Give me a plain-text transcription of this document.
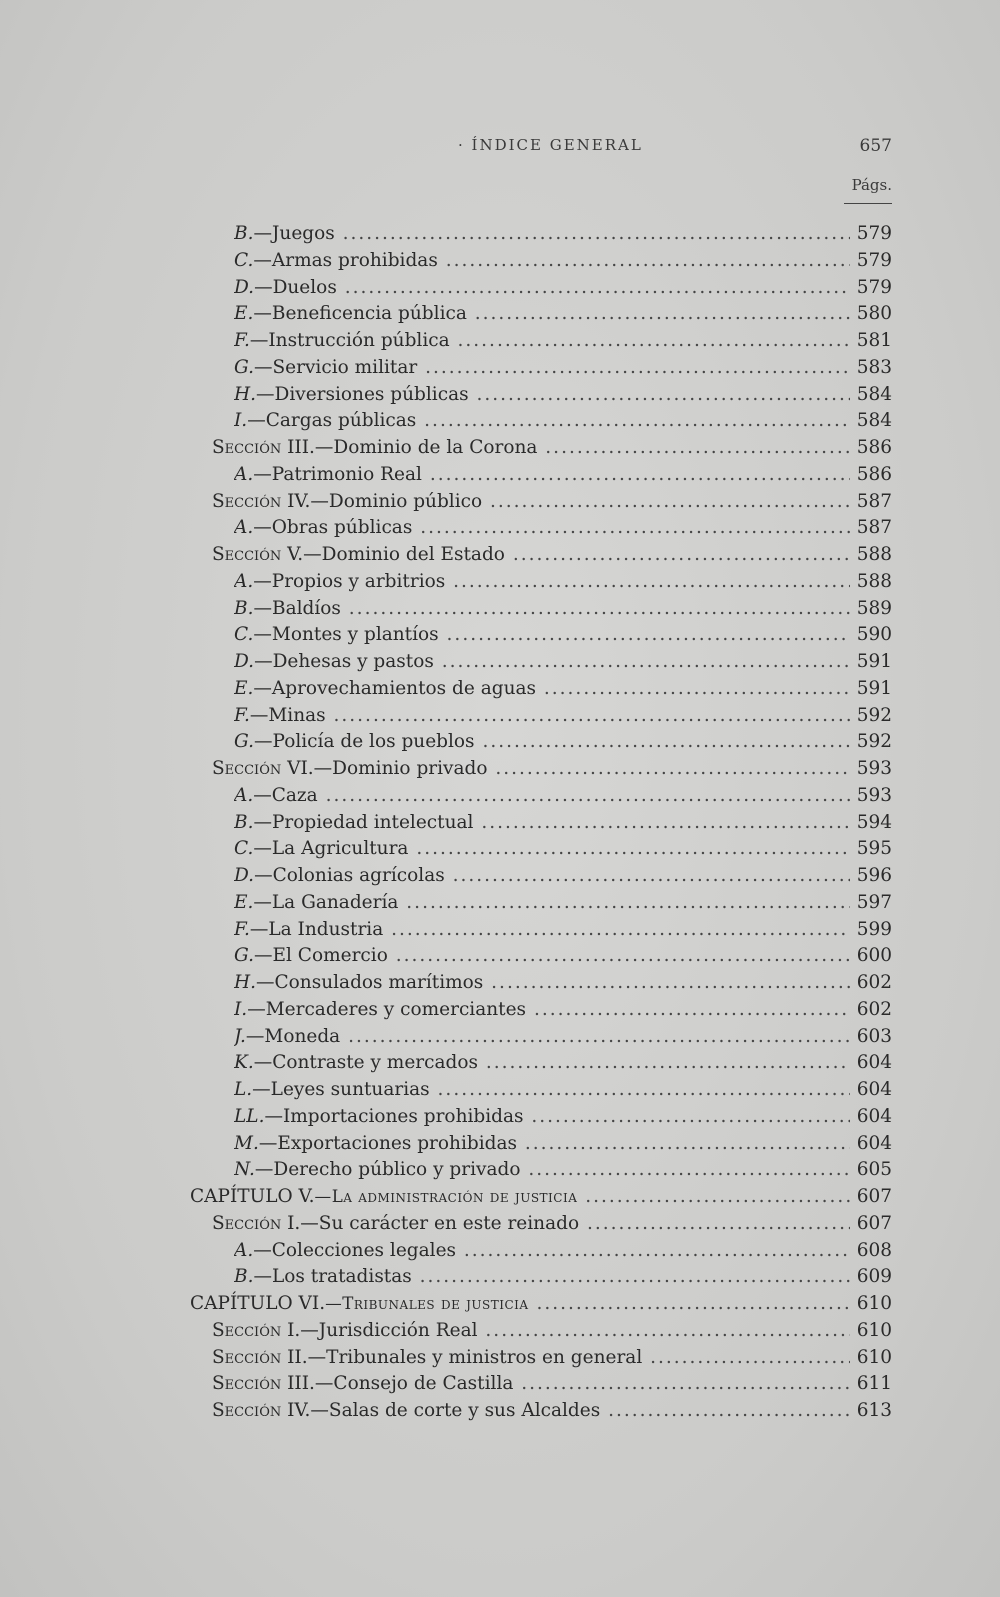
· ÍNDICE GENERAL	657
Págs.
B.—Juegos .....	579
C.—Armas prohibidas .....	579
D.—Duelos .....	579
E.—Beneficencia pública .....	580
F.—Instrucción pública .....	581
G.—Servicio militar .....	583
H.—Diversiones públicas .....	584
I.—Cargas públicas .....	584
Sección III.—Dominio de la Corona .....	586
A.—Patrimonio Real .....	586
Sección IV.—Dominio público .....	587
A.—Obras públicas .....	587
Sección V.—Dominio del Estado .....	588
A.—Propios y arbitrios .....	588
B.—Baldíos .....	589
C.—Montes y plantíos .....	590
D.—Dehesas y pastos .....	591
E.—Aprovechamientos de aguas .....	591
F.—Minas .....	592
G.—Policía de los pueblos .....	592
Sección VI.—Dominio privado .....	593
A.—Caza .....	593
B.—Propiedad intelectual .....	594
C.—La Agricultura .....	595
D.—Colonias agrícolas .....	596
E.—La Ganadería .....	597
F.—La Industria .....	599
G.—El Comercio .....	600
H.—Consulados marítimos .....	602
I.—Mercaderes y comerciantes .....	602
J.—Moneda .....	603
K.—Contraste y mercados .....	604
L.—Leyes suntuarias .....	604
LL.—Importaciones prohibidas .....	604
M.—Exportaciones prohibidas .....	604
N.—Derecho público y privado .....	605
CAPÍTULO V.—La administración de justicia .....	607
Sección I.—Su carácter en este reinado .....	607
A.—Colecciones legales .....	608
B.—Los tratadistas .....	609
CAPÍTULO VI.—Tribunales de justicia .....	610
Sección I.—Jurisdicción Real .....	610
Sección II.—Tribunales y ministros en general .....	610
Sección III.—Consejo de Castilla .....	611
Sección IV.—Salas de corte y sus Alcaldes .....	613
